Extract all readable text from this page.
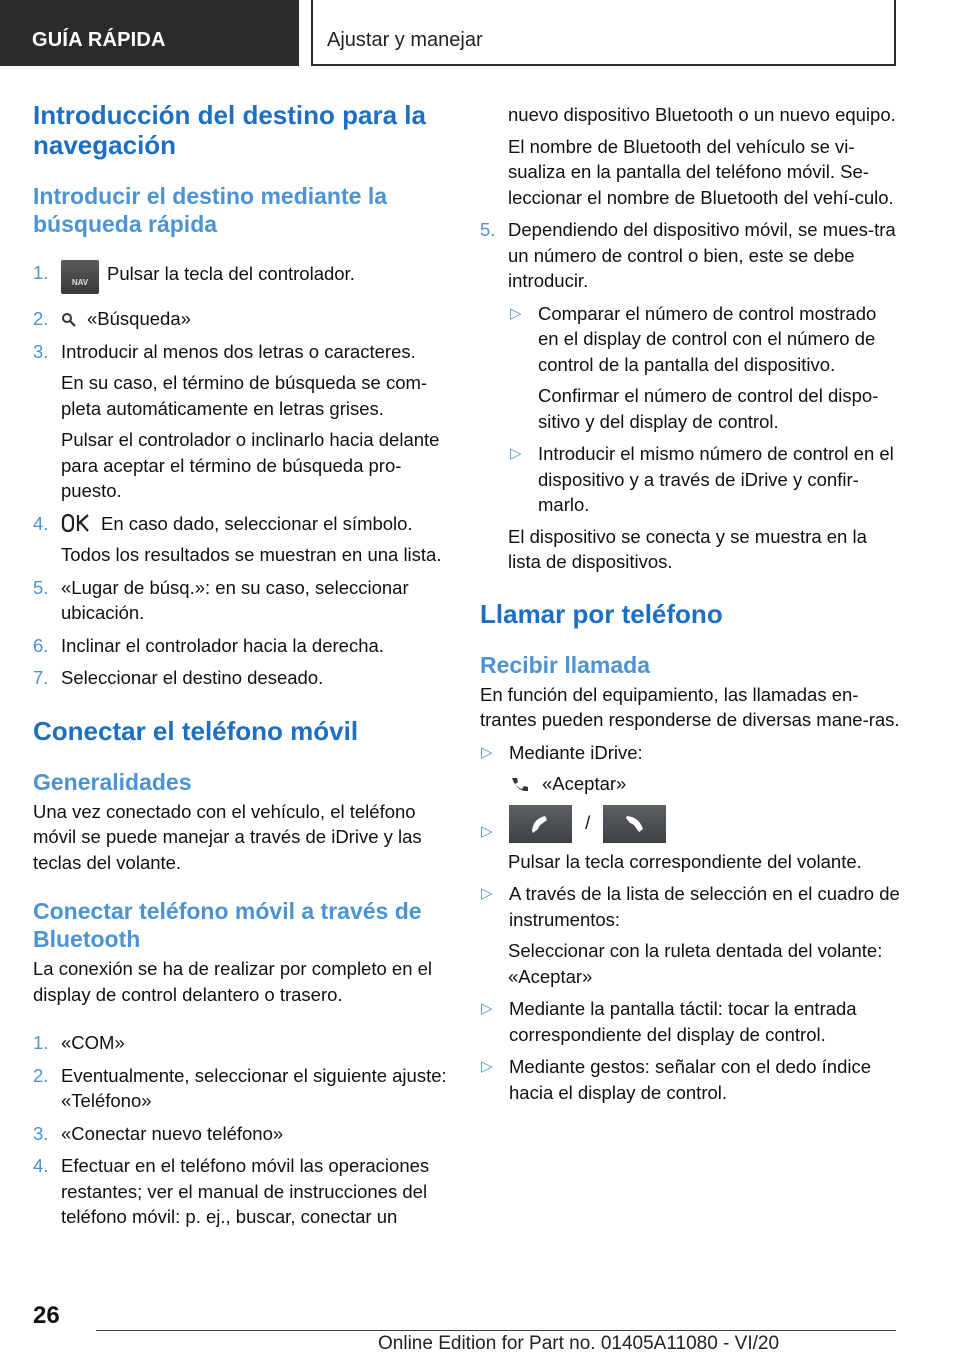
GUÍA RÁPIDA	Ajustar y manejar
Introducción del destino para la navegación
Introducir el destino mediante la búsqueda rápida
1.	NAV	Pulsar la tecla del controlador.
2. «Búsqueda»
3. Introducir al menos dos letras o caracteres.
En su caso, el término de búsqueda se com-pleta automáticamente en letras grises.
Pulsar el controlador o inclinarlo hacia delante para aceptar el término de búsqueda pro-puesto.
4.	En caso dado, seleccionar el símbolo.
Todos los resultados se muestran en una lista.
5. «Lugar de búsq.»: en su caso, seleccionar ubicación.
6. Inclinar el controlador hacia la derecha.
7. Seleccionar el destino deseado.
Conectar el teléfono móvil
Generalidades
Una vez conectado con el vehículo, el teléfono móvil se puede manejar a través de iDrive y las teclas del volante.
Conectar teléfono móvil a través de Bluetooth
La conexión se ha de realizar por completo en el display de control delantero o trasero.
1. «COM»
2. Eventualmente, seleccionar el siguiente ajuste: «Teléfono»
3. «Conectar nuevo teléfono»
4. Efectuar en el teléfono móvil las operaciones restantes; ver el manual de instrucciones del teléfono móvil: p. ej., buscar, conectar un
nuevo dispositivo Bluetooth o un nuevo equipo.
El nombre de Bluetooth del vehículo se vi-sualiza en la pantalla del teléfono móvil. Se-leccionar el nombre de Bluetooth del vehí-culo.
5. Dependiendo del dispositivo móvil, se mues-tra un número de control o bien, este se debe introducir.
▷ Comparar el número de control mostrado en el display de control con el número de control de la pantalla del dispositivo.
Confirmar el número de control del dispo-sitivo y del display de control.
▷ Introducir el mismo número de control en el dispositivo y a través de iDrive y confir-marlo.
El dispositivo se conecta y se muestra en la lista de dispositivos.
Llamar por teléfono
Recibir llamada
En función del equipamiento, las llamadas en-trantes pueden responderse de diversas mane-ras.
▷ Mediante iDrive:
«Aceptar»
▷	/
Pulsar la tecla correspondiente del volante.
▷ A través de la lista de selección en el cuadro de instrumentos:
Seleccionar con la ruleta dentada del volante: «Aceptar»
▷ Mediante la pantalla táctil: tocar la entrada correspondiente del display de control.
▷ Mediante gestos: señalar con el dedo índice hacia el display de control.
26
Online Edition for Part no. 01405A11080 - VI/20
